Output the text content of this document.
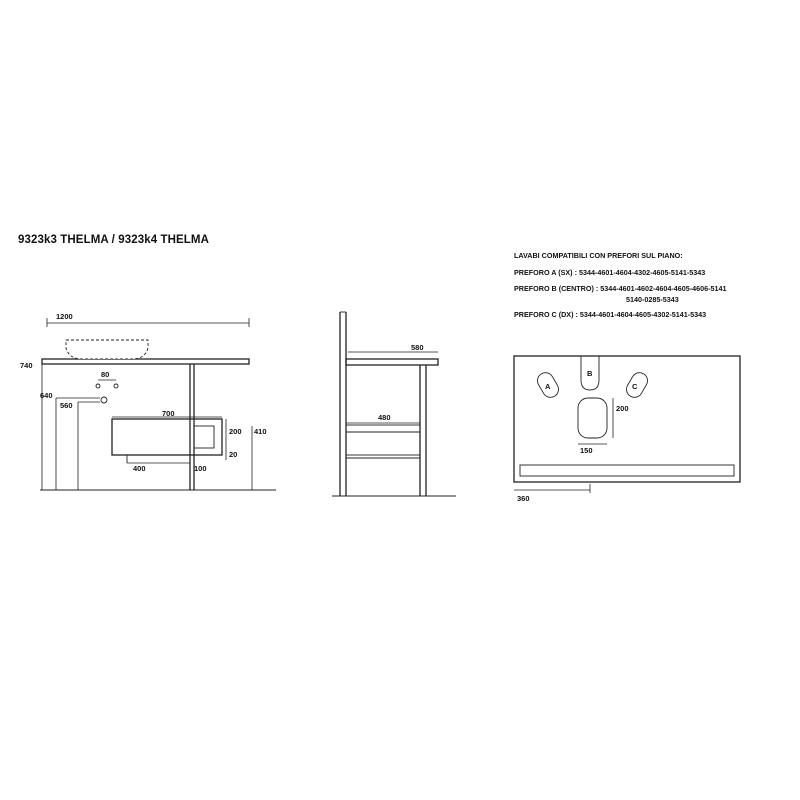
9323k3 THELMA / 9323k4 THELMA
LAVABI COMPATIBILI CON PREFORI SUL PIANO:
PREFORO A (SX) : 5344-4601-4604-4302-4605-5141-5343
PREFORO B (CENTRO) : 5344-4601-4602-4604-4605-4606-5141
5140-0285-5343
PREFORO C (DX) : 5344-4601-4604-4605-4302-5141-5343
1200
740
80
640
560
700
400	100
200 410
20
580
480
A
B
C
200
150
360
